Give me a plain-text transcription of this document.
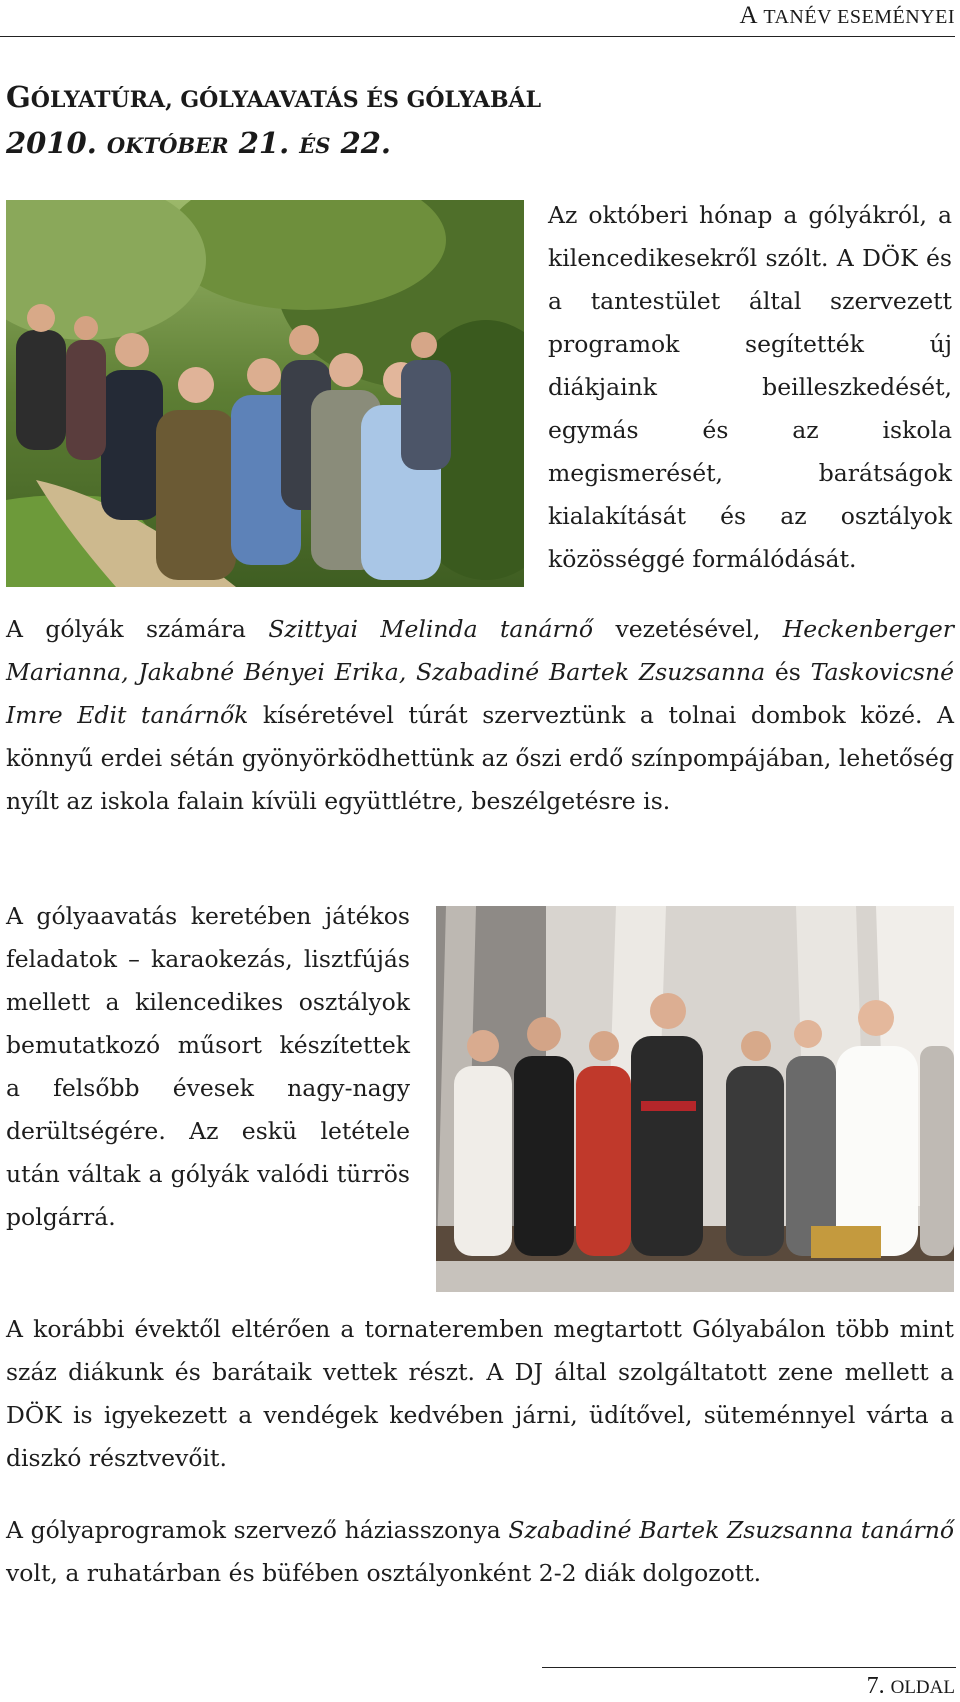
A TANÉV ESEMÉNYEI
GÓLYATÚRA, GÓLYAAVATÁS ÉS GÓLYABÁL
2010. OKTÓBER 21. ÉS 22.

Az októberi hónap a gólyákról, a kilencedikesekről szólt. A DÖK és a tantestület által szervezett programok segítették új diákjaink beilleszkedését, egymás és az iskola megismerését, barátságok kialakítását és az osztályok közösséggé formálódását.

A gólyák számára Szittyai Melinda tanárnő vezetésével, Heckenberger Marianna, Jakabné Bényei Erika, Szabadiné Bartek Zsuzsanna és Taskovicsné Imre Edit tanárnők kíséretével túrát szerveztünk a tolnai dombok közé. A könnyű erdei sétán gyönyörködhettünk az őszi erdő színpompájában, lehetőség nyílt az iskola falain kívüli együttlétre, beszélgetésre is.

A gólyaavatás keretében játékos feladatok – karaokezás, lisztfújás mellett a kilencedikes osztályok bemutatkozó műsort készítettek a felsőbb évesek nagy-nagy derültségére. Az eskü letétele után váltak a gólyák valódi türrös polgárrá.

A korábbi évektől eltérően a tornateremben megtartott Gólyabálon több mint száz diákunk és barátaik vettek részt. A DJ által szolgáltatott zene mellett a DÖK is igyekezett a vendégek kedvében járni, üdítővel, süteménnyel várta a diszkó résztvevőit.

A gólyaprogramok szervező háziasszonya Szabadiné Bartek Zsuzsanna tanárnő volt, a ruhatárban és büfében osztályonként 2-2 diák dolgozott.

7. OLDAL
